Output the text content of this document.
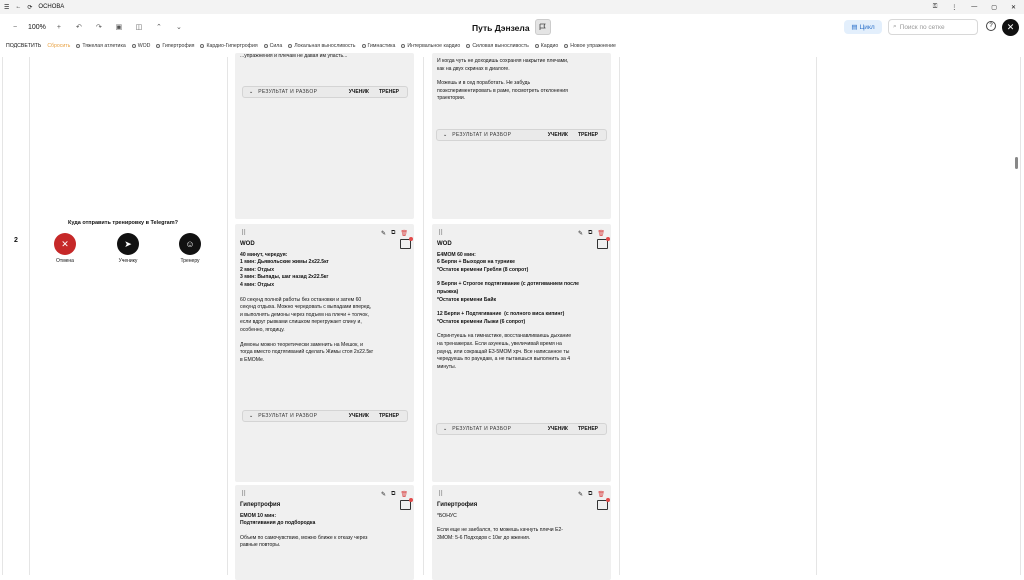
☰ ← ⟳ ОСНОВА	⚿ ⋮ — ▢ ✕
−	100%	+	↶	↷	▣	◫	⌃	⌄	Путь Дэнзела	▤ Цикл	⌕ Поиск по сетке	?	✕
ПОДСВЕТИТЬ Сбросить Тяжелая атлетика WOD Гипертрофия Кардио-Гипертрофия Сила Локальная выносливость Гимнастика Интервальное кардио Силовая выносливость Кардио Новое упражнение
2
Куда отправить тренировку в Telegram?
✕	➤	☺
Отмена	Ученику	Тренеру
...упражнения и плечам не давая им упасть...
⌄ РЕЗУЛЬТАТ И РАЗБОР	УЧЕНИК ТРЕНЕР
И когда чуть не доходишь сохраняя накрытие плечами,
как на двух скринах в диалоге.
Можешь и в сед поработать. Не забудь
поэкспериментировать в раме, посмотреть отклонения
траектории.
⌄ РЕЗУЛЬТАТ И РАЗБОР	УЧЕНИК ТРЕНЕР
⠿	✎ ⧉ 🗑
WOD
40 минут, чередуя:
1 мин: Дьявольские жимы 2x22.5кг
2 мин: Отдых
3 мин: Выпады, шаг назад 2x22.5кг
4 мин: Отдых
60 секунд полной работы без остановки и затем 60
секунд отдыха. Можно чередовать с выпадами вперед,
и выполнять демоны через подъем на плечи + толчок,
если вдруг рывками слишком перегружает спину и,
особенно, ягодицу.
Демоны можно теоретически заменить на Мешок, и
тогда вместо подтягиваний сделать Жимы стоя 2x22.5кг
в EMOMе.
⌄ РЕЗУЛЬТАТ И РАЗБОР	УЧЕНИК ТРЕНЕР
⠿	✎ ⧉ 🗑
WOD
E4MOM 60 мин:
6 Берпи + Выходов на турнике
*Остаток времени Гребля (8 сопрот)
9 Берпи + Строгое подтягивание (с дотягиванием после
прыжка)
*Остаток времени Байк
12 Берпи + Подтягивание  (с полного виса кипинг)
*Остаток времени Лыжи (6 сопрот)
Спринтуешь на гимнастике, восстанавливаешь дыхание
на тренажерах. Если ахуеешь, увеличивай время на
раунд, или сокращай E3-5MOM хрч. Все написанное ты
чередуешь по раундам, а не пытаешься выполнить за 4
минуты.
⌄ РЕЗУЛЬТАТ И РАЗБОР	УЧЕНИК ТРЕНЕР
⠿	✎ ⧉ 🗑
Гипертрофия
EMOM 10 мин:
Подтягивания до подбородка
Объем по самочувствию, можно ближе к отказу через
равные повторы.
⠿	✎ ⧉ 🗑
Гипертрофия
*БОНУС
Если еще не заебался, то можешь качнуть плечи E2-
3MOM: 5-6 Подходов с 10кг до жжения.
